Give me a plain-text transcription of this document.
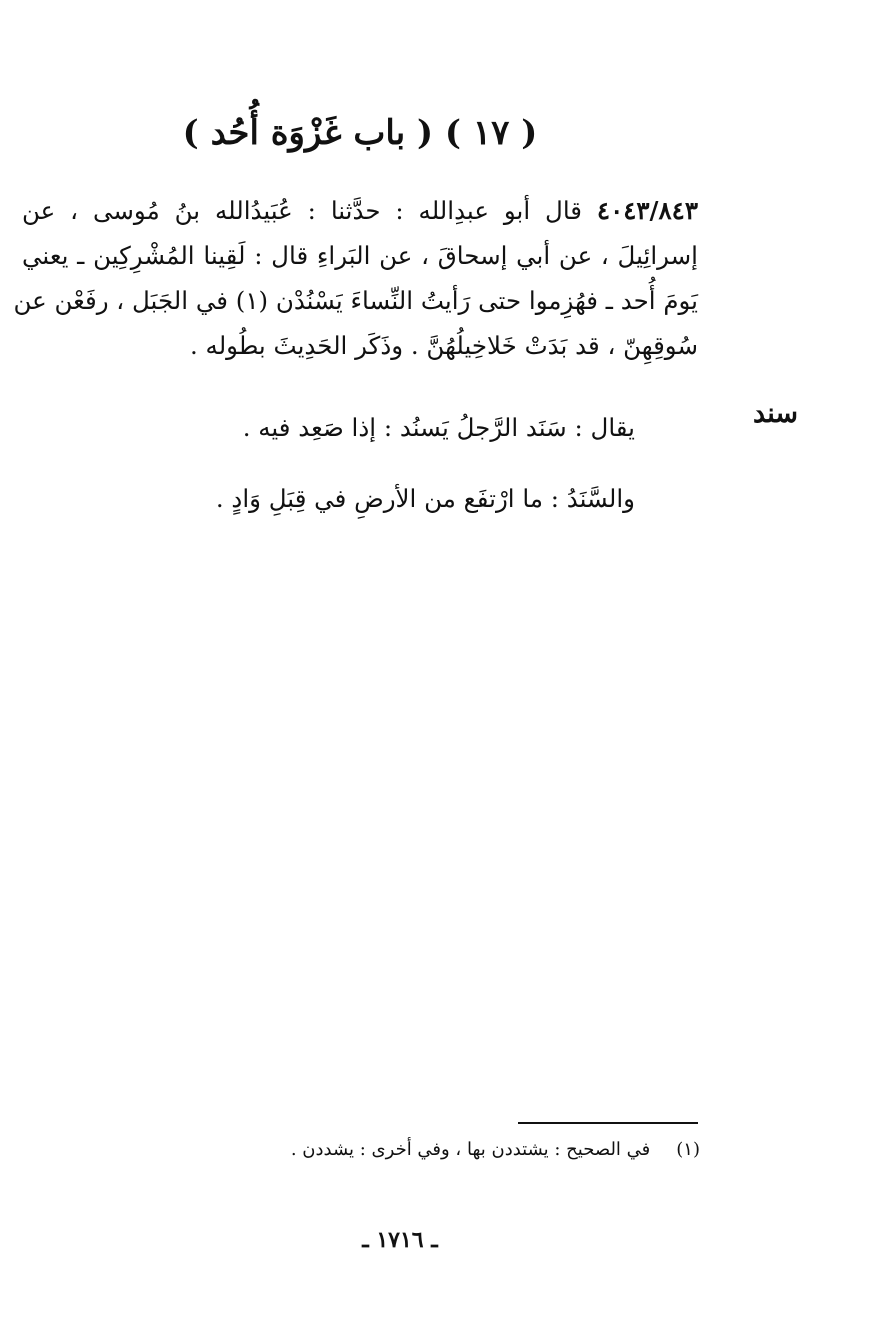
( ١٧ ) ( باب غَزْوَة أُحُد )
٤٠٤٣/٨٤٣ قال أبو عبدِالله : حدَّثنا : عُبَيدُالله بنُ مُوسى ، عن
إسرائِيلَ ، عن أبي إسحاقَ ، عن البَراءِ قال : لَقِينا المُشْرِكِين ـ يعني
يَومَ أُحد ـ فهُزِموا حتى رَأيتُ النِّساءَ يَسْنُدْن (١) في الجَبَل ، رفَعْن عن
سُوقِهِنّ ، قد بَدَتْ خَلاخِيلُهُنَّ . وذَكَر الحَدِيثَ بطُوله .
سند
يقال : سَنَد الرَّجلُ يَسنُد : إذا صَعِد فيه .
والسَّنَدُ : ما ارْتفَع من الأرضِ في قِبَلِ وَادٍ .
(١)في الصحيح : يشتددن بها ، وفي أخرى : يشددن .
ـ ١٧١٦ ـ
